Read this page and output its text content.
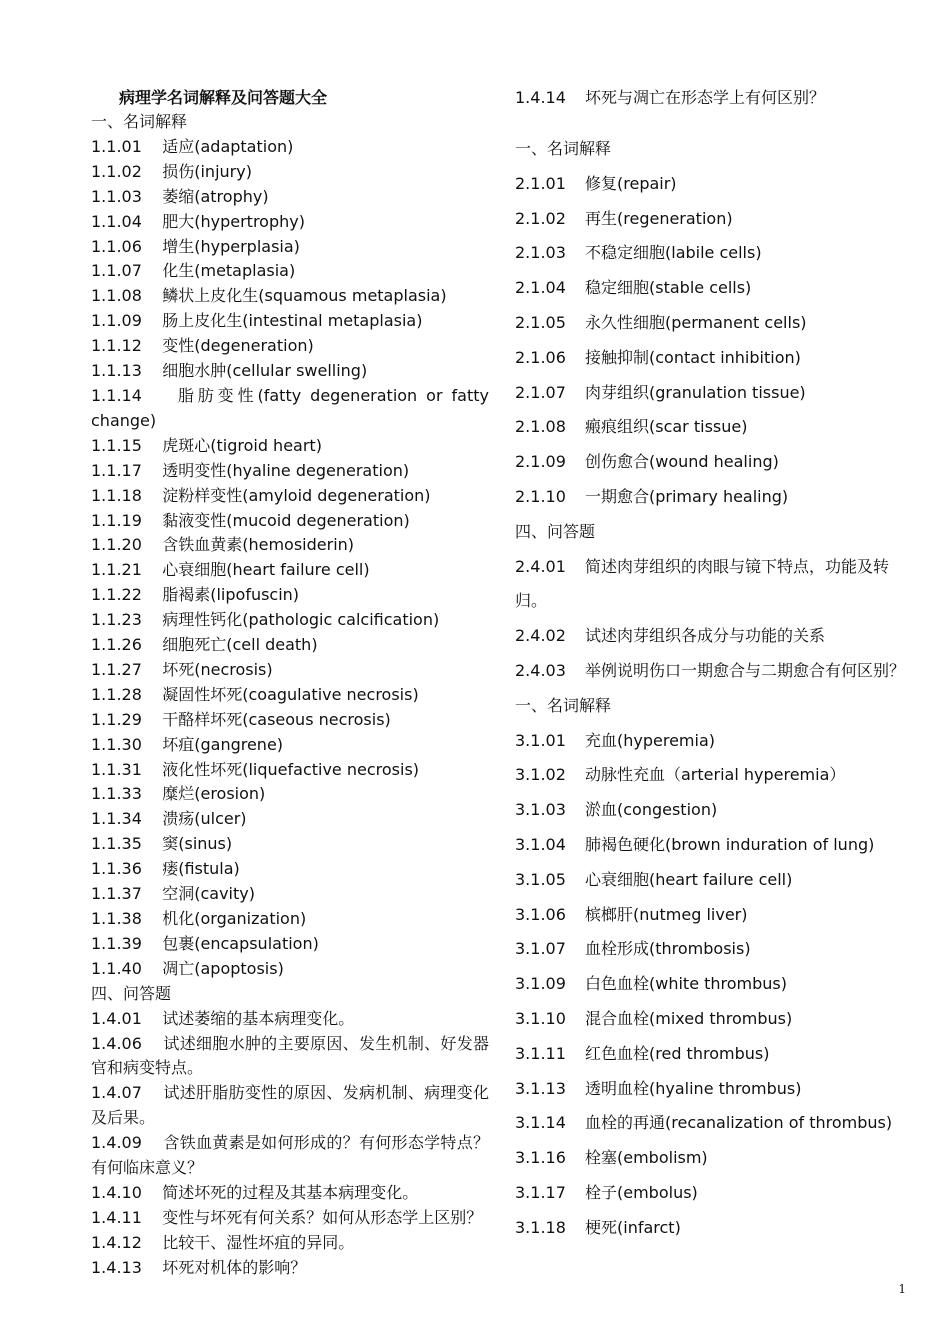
病理学名词解释及问答题大全
一、名词解释
1.1.01 适应(adaptation)
1.1.02 损伤(injury)
1.1.03 萎缩(atrophy)
1.1.04 肥大(hypertrophy)
1.1.06 增生(hyperplasia)
1.1.07 化生(metaplasia)
1.1.08 鳞状上皮化生(squamous metaplasia)
1.1.09 肠上皮化生(intestinal metaplasia)
1.1.12 变性(degeneration)
1.1.13 细胞水肿(cellular swelling)
1.1.14 脂肪变性(fatty degeneration or fatty change)
1.1.15 虎斑心(tigroid heart)
1.1.17 透明变性(hyaline degeneration)
1.1.18 淀粉样变性(amyloid degeneration)
1.1.19 黏液变性(mucoid degeneration)
1.1.20 含铁血黄素(hemosiderin)
1.1.21 心衰细胞(heart failure cell)
1.1.22 脂褐素(lipofuscin)
1.1.23 病理性钙化(pathologic calcification)
1.1.26 细胞死亡(cell death)
1.1.27 坏死(necrosis)
1.1.28 凝固性坏死(coagulative necrosis)
1.1.29 干酪样坏死(caseous necrosis)
1.1.30 坏疽(gangrene)
1.1.31 液化性坏死(liquefactive necrosis)
1.1.33 糜烂(erosion)
1.1.34 溃疡(ulcer)
1.1.35 窦(sinus)
1.1.36 瘘(fistula)
1.1.37 空洞(cavity)
1.1.38 机化(organization)
1.1.39 包裹(encapsulation)
1.1.40 凋亡(apoptosis)
四、问答题
1.4.01 试述萎缩的基本病理变化。
1.4.06 试述细胞水肿的主要原因、发生机制、好发器官和病变特点。
1.4.07 试述肝脂肪变性的原因、发病机制、病理变化及后果。
1.4.09 含铁血黄素是如何形成的？有何形态学特点？有何临床意义？
1.4.10 简述坏死的过程及其基本病理变化。
1.4.11 变性与坏死有何关系？如何从形态学上区别？
1.4.12 比较干、湿性坏疽的异同。
1.4.13 坏死对机体的影响？
1.4.14 坏死与凋亡在形态学上有何区别？
一、名词解释
2.1.01 修复(repair)
2.1.02 再生(regeneration)
2.1.03 不稳定细胞(labile cells)
2.1.04 稳定细胞(stable cells)
2.1.05 永久性细胞(permanent cells)
2.1.06 接触抑制(contact inhibition)
2.1.07 肉芽组织(granulation tissue)
2.1.08 瘢痕组织(scar tissue)
2.1.09 创伤愈合(wound healing)
2.1.10 一期愈合(primary healing)
四、问答题
2.4.01 简述肉芽组织的肉眼与镜下特点，功能及转归。
2.4.02 试述肉芽组织各成分与功能的关系
2.4.03 举例说明伤口一期愈合与二期愈合有何区别？
一、名词解释
3.1.01 充血(hyperemia)
3.1.02 动脉性充血（arterial hyperemia）
3.1.03 淤血(congestion)
3.1.04 肺褐色硬化(brown induration of lung)
3.1.05 心衰细胞(heart failure cell)
3.1.06 槟榔肝(nutmeg liver)
3.1.07 血栓形成(thrombosis)
3.1.09 白色血栓(white thrombus)
3.1.10 混合血栓(mixed thrombus)
3.1.11 红色血栓(red thrombus)
3.1.13 透明血栓(hyaline thrombus)
3.1.14 血栓的再通(recanalization of thrombus)
3.1.16 栓塞(embolism)
3.1.17 栓子(embolus)
3.1.18 梗死(infarct)
1
